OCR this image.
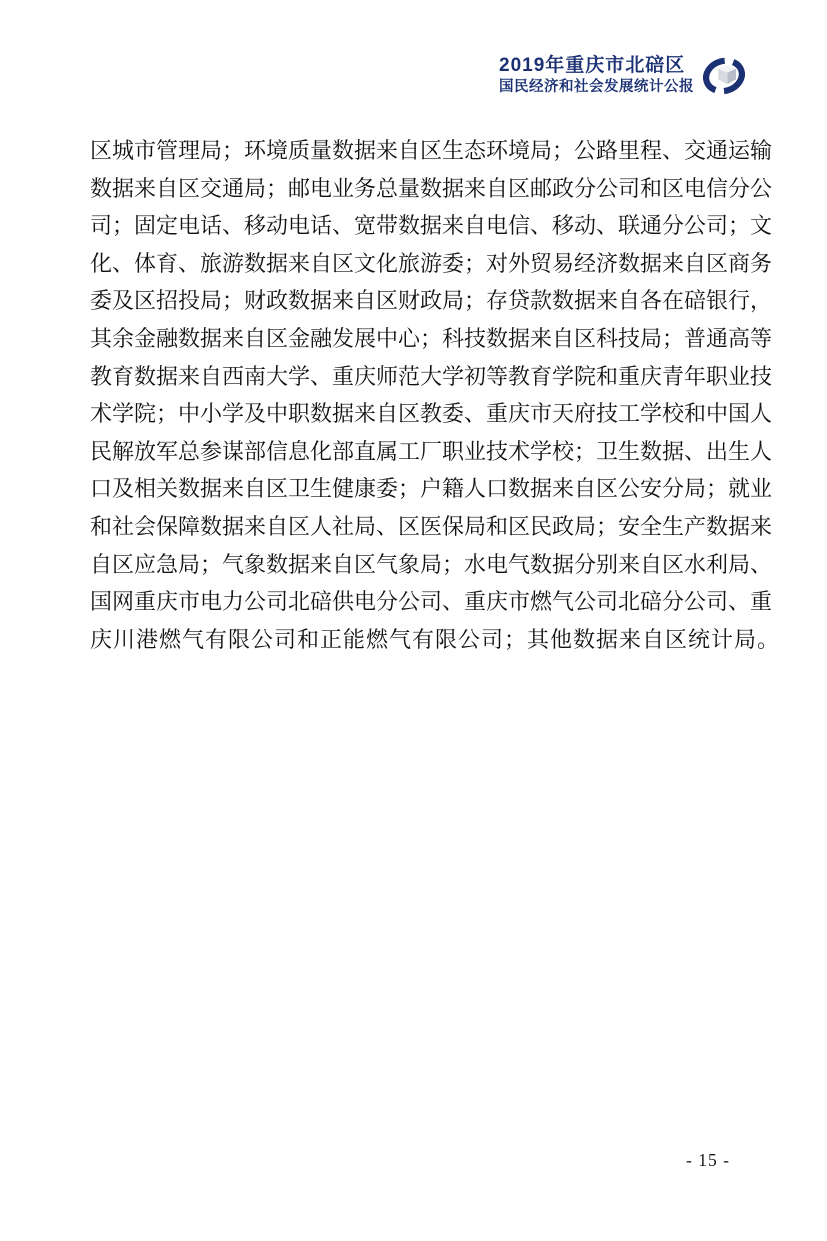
2019年重庆市北碚区
国民经济和社会发展统计公报
区城市管理局；环境质量数据来自区生态环境局；公路里程、交通运输
数据来自区交通局；邮电业务总量数据来自区邮政分公司和区电信分公
司；固定电话、移动电话、宽带数据来自电信、移动、联通分公司；文
化、体育、旅游数据来自区文化旅游委；对外贸易经济数据来自区商务
委及区招投局；财政数据来自区财政局；存贷款数据来自各在碚银行，
其余金融数据来自区金融发展中心；科技数据来自区科技局；普通高等
教育数据来自西南大学、重庆师范大学初等教育学院和重庆青年职业技
术学院；中小学及中职数据来自区教委、重庆市天府技工学校和中国人
民解放军总参谋部信息化部直属工厂职业技术学校；卫生数据、出生人
口及相关数据来自区卫生健康委；户籍人口数据来自区公安分局；就业
和社会保障数据来自区人社局、区医保局和区民政局；安全生产数据来
自区应急局；气象数据来自区气象局；水电气数据分别来自区水利局、
国网重庆市电力公司北碚供电分公司、重庆市燃气公司北碚分公司、重
庆川港燃气有限公司和正能燃气有限公司；其他数据来自区统计局。
- 15 -
